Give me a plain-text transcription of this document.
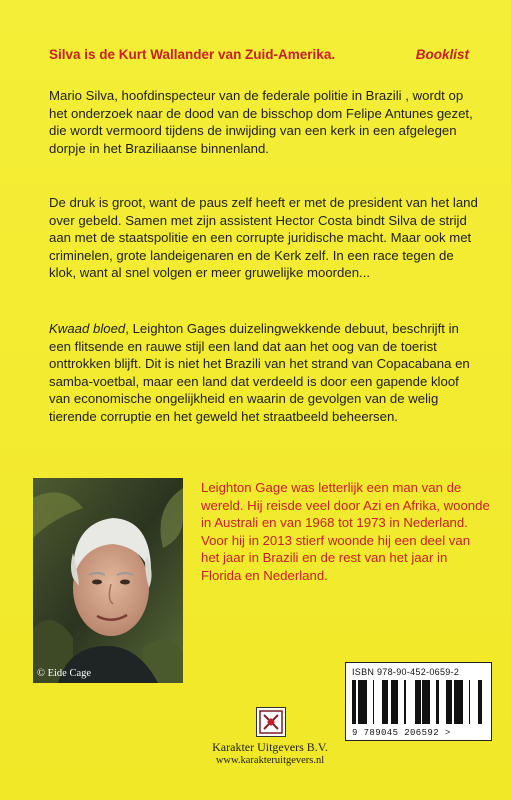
Silva is de Kurt Wallander van Zuid-Amerika.	Booklist
Mario Silva, hoofdinspecteur van de federale politie in Brazili , wordt op het onderzoek naar de dood van de bisschop dom Felipe Antunes gezet, die wordt vermoord tijdens de inwijding van een kerk in een afgelegen dorpje in het Braziliaanse binnenland.
De druk is groot, want de paus zelf heeft er met de president van het land over gebeld. Samen met zijn assistent Hector Costa bindt Silva de strijd aan met de staatspolitie en een corrupte juridische macht. Maar ook met criminelen, grote landeigenaren en de Kerk zelf. In een race tegen de klok, want al snel volgen er meer gruwelijke moorden...
Kwaad bloed, Leighton Gages duizelingwekkende debuut, beschrijft in een flitsende en rauwe stijl een land dat aan het oog van de toerist onttrokken blijft. Dit is niet het Brazili van het strand van Copacabana en samba-voetbal, maar een land dat verdeeld is door een gapende kloof van economische ongelijkheid en waarin de gevolgen van de welig tierende corruptie en het geweld het straatbeeld beheersen.
© Eide Cage
Leighton Gage was letterlijk een man van de wereld. Hij reisde veel door Azi en Afrika, woonde in Australi en van 1968 tot 1973 in Nederland. Voor hij in 2013 stierf woonde hij een deel van het jaar in Brazili en de rest van het jaar in Florida en Nederland.
ISBN 978-90-452-0659-2
9 789045 206592 >
Karakter Uitgevers B.V.
www.karakteruitgevers.nl
